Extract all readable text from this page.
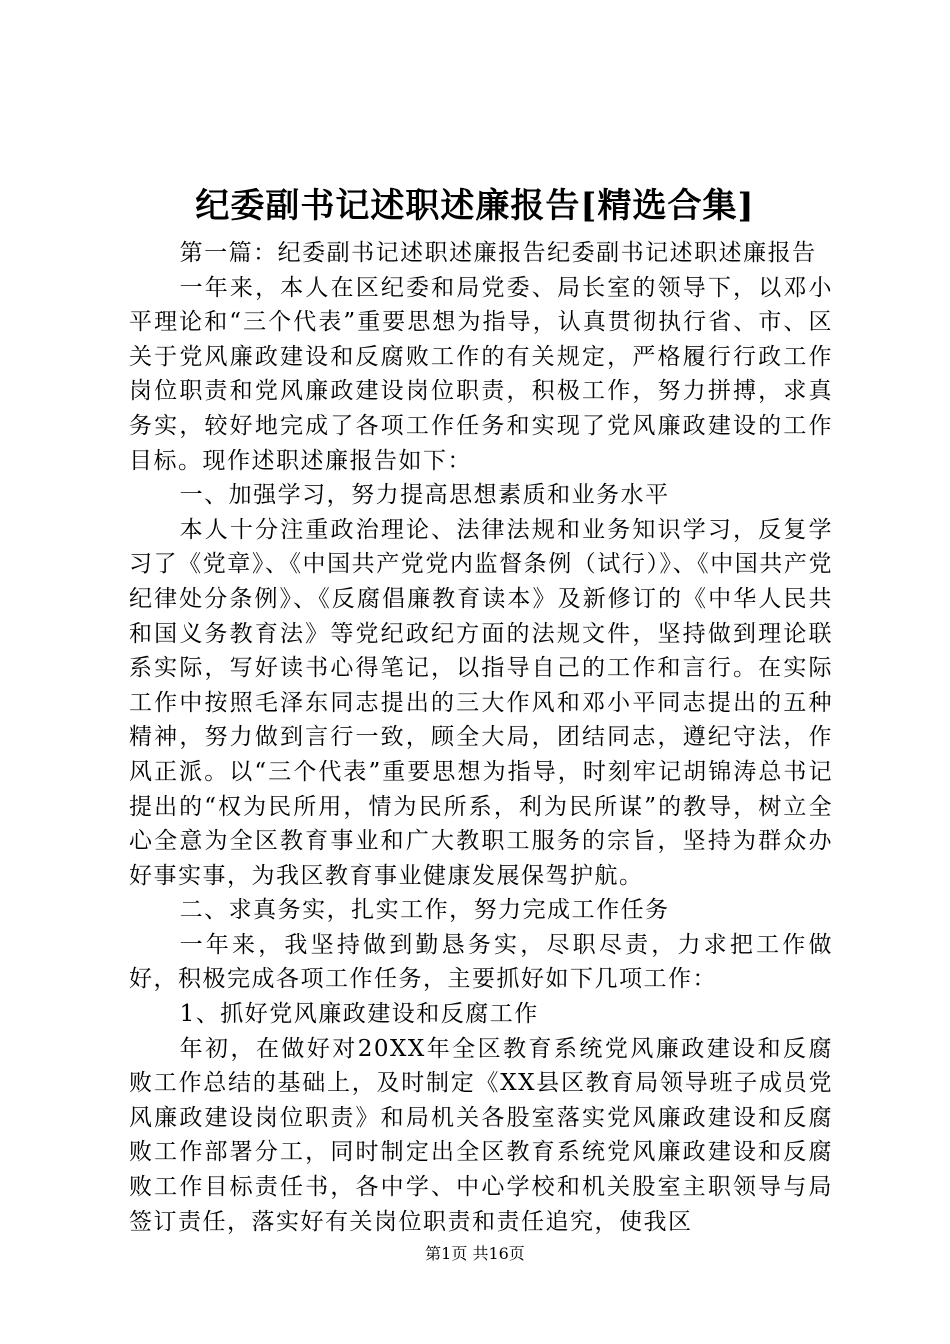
纪委副书记述职述廉报告[精选合集]

第一篇：纪委副书记述职述廉报告纪委副书记述职述廉报告

一年来，本人在区纪委和局党委、局长室的领导下，以邓小平理论和“三个代表”重要思想为指导，认真贯彻执行省、市、区关于党风廉政建设和反腐败工作的有关规定，严格履行行政工作岗位职责和党风廉政建设岗位职责，积极工作，努力拼搏，求真务实，较好地完成了各项工作任务和实现了党风廉政建设的工作目标。现作述职述廉报告如下：

一、加强学习，努力提高思想素质和业务水平

本人十分注重政治理论、法律法规和业务知识学习，反复学习了《党章》、《中国共产党党内监督条例（试行）》、《中国共产党纪律处分条例》、《反腐倡廉教育读本》及新修订的《中华人民共和国义务教育法》等党纪政纪方面的法规文件，坚持做到理论联系实际，写好读书心得笔记，以指导自己的工作和言行。在实际工作中按照毛泽东同志提出的三大作风和邓小平同志提出的五种精神，努力做到言行一致，顾全大局，团结同志，遵纪守法，作风正派。以“三个代表”重要思想为指导，时刻牢记胡锦涛总书记提出的“权为民所用，情为民所系，利为民所谋”的教导，树立全心全意为全区教育事业和广大教职工服务的宗旨，坚持为群众办好事实事，为我区教育事业健康发展保驾护航。

二、求真务实，扎实工作，努力完成工作任务

一年来，我坚持做到勤恳务实，尽职尽责，力求把工作做好，积极完成各项工作任务，主要抓好如下几项工作：

1、抓好党风廉政建设和反腐工作

年初，在做好对20XX年全区教育系统党风廉政建设和反腐败工作总结的基础上，及时制定《XX县区教育局领导班子成员党风廉政建设岗位职责》和局机关各股室落实党风廉政建设和反腐败工作部署分工，同时制定出全区教育系统党风廉政建设和反腐败工作目标责任书，各中学、中心学校和机关股室主职领导与局签订责任，落实好有关岗位职责和责任追究，使我区

第1页 共16页
